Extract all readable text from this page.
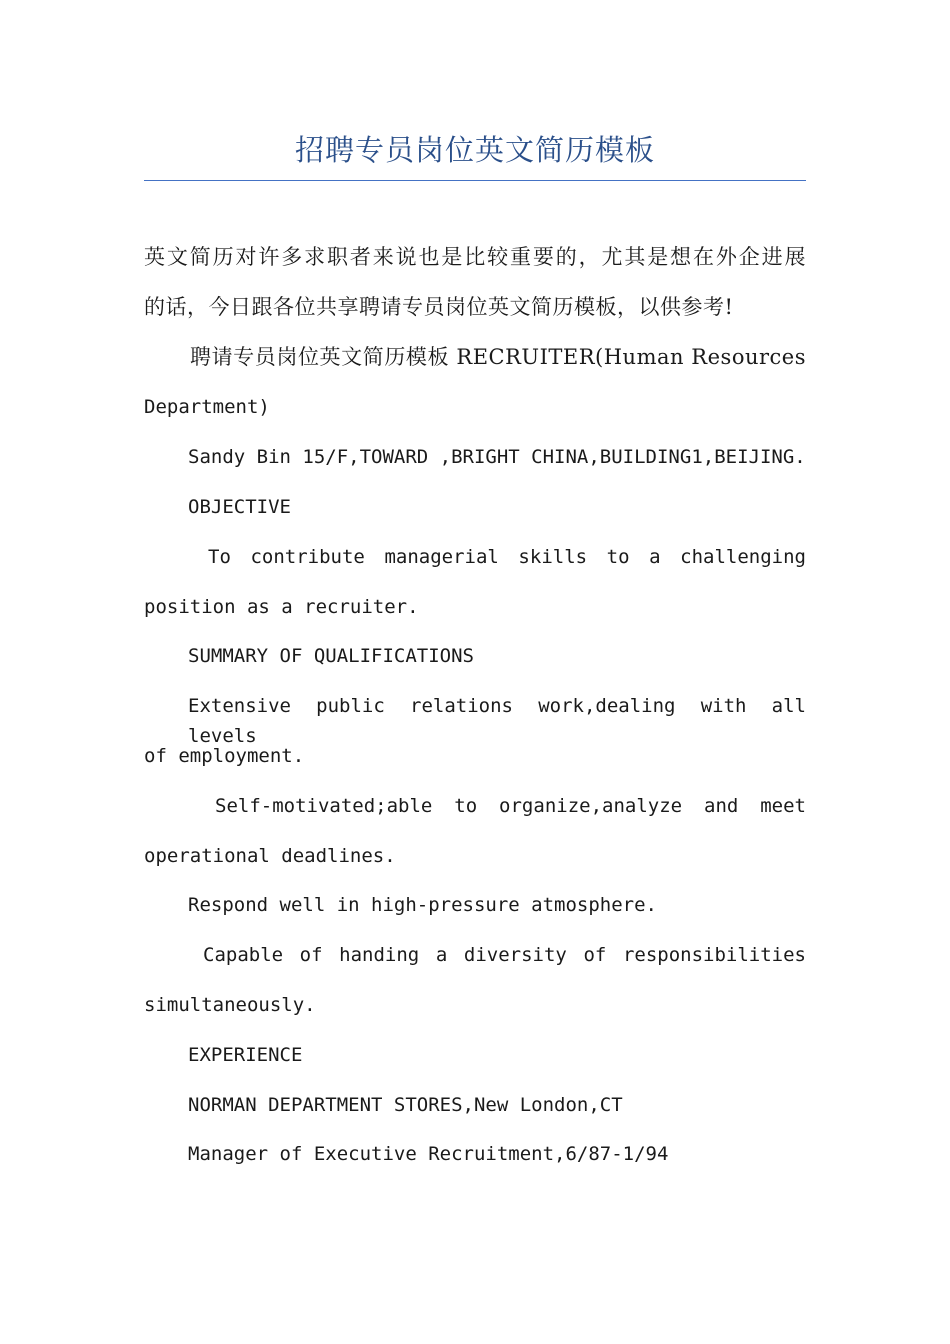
招聘专员岗位英文简历模板
英文简历对许多求职者来说也是比较重要的，尤其是想在外企进展
的话，今日跟各位共享聘请专员岗位英文简历模板，以供参考!
聘请专员岗位英文简历模板 RECRUITER(Human Resources
Department)
Sandy Bin 15/F,TOWARD ,BRIGHT CHINA,BUILDING1,BEIJING.
OBJECTIVE
To contribute managerial skills to a challenging
position as a recruiter.
SUMMARY OF QUALIFICATIONS
Extensive public relations work,dealing with all levels
of employment.
Self-motivated;able to organize,analyze and meet
operational deadlines.
Respond well in high-pressure atmosphere.
Capable of handing a diversity of responsibilities
simultaneously.
EXPERIENCE
NORMAN DEPARTMENT STORES,New London,CT
Manager of Executive Recruitment,6/87-1/94
